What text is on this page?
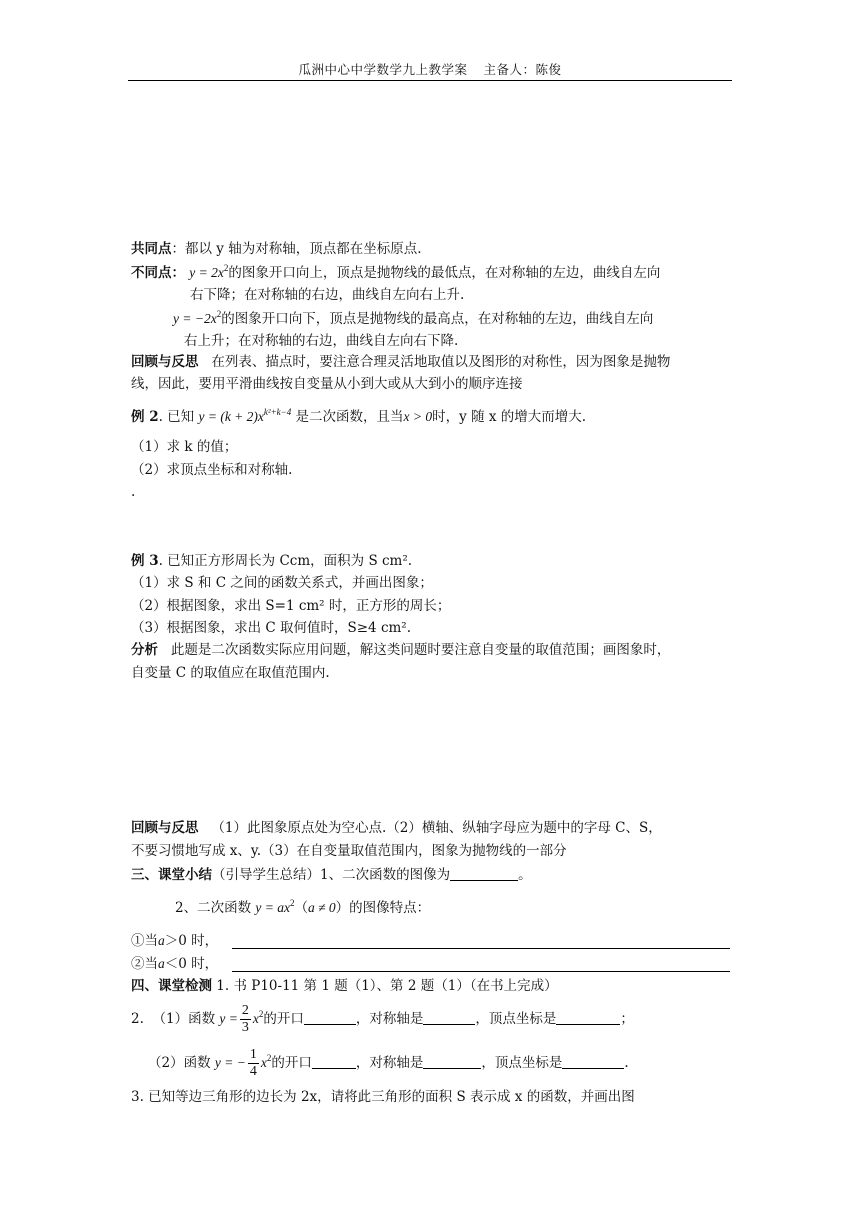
瓜洲中心中学数学九上教学案 主备人：陈俊
共同点：都以 y 轴为对称轴，顶点都在坐标原点.
不同点： $y = 2x^2$的图象开口向上，顶点是抛物线的最低点，在对称轴的左边，曲线自左向
右下降；在对称轴的右边，曲线自左向右上升.
$y = -2x^2$的图象开口向下，顶点是抛物线的最高点，在对称轴的左边，曲线自左向
右上升；在对称轴的右边，曲线自左向右下降.
回顾与反思 在列表、描点时，要注意合理灵活地取值以及图形的对称性，因为图象是抛物
线，因此，要用平滑曲线按自变量从小到大或从大到小的顺序连接
例 2. 已知 $y = (k + 2)x^{k^2+k-4}$ 是二次函数，且当x > 0时，y 随 x 的增大而增大.
（1）求 k 的值；
（2）求顶点坐标和对称轴.
.
例 3. 已知正方形周长为 Ccm，面积为 S cm².
（1）求 S 和 C 之间的函数关系式，并画出图象；
（2）根据图象，求出 S=1 cm² 时，正方形的周长；
（3）根据图象，求出 C 取何值时，S≥4 cm².
分析 此题是二次函数实际应用问题，解这类问题时要注意自变量的取值范围；画图象时，
自变量 C 的取值应在取值范围内.
回顾与反思 （1）此图象原点处为空心点.（2）横轴、纵轴字母应为题中的字母 C、S，
不要习惯地写成 x、y.（3）在自变量取值范围内，图象为抛物线的一部分
三、课堂小结（引导学生总结）1、二次函数的图像为	。
2、二次函数 $y = ax^2(a \ne 0)$的图像特点：
①当a＞0 时，
②当a＜0 时，
四、课堂检测 1. 书 P10-11 第 1 题（1）、第 2 题（1）（在书上完成）
2. （1）函数 $y = \frac{2}{3} x^2$的开口	，对称轴是	，顶点坐标是	；
（2）函数 y = − $\frac{1}{4} x^2$的开口	，对称轴是	，顶点坐标是	.
3. 已知等边三角形的边长为 2x，请将此三角形的面积 S 表示成 x 的函数，并画出图
